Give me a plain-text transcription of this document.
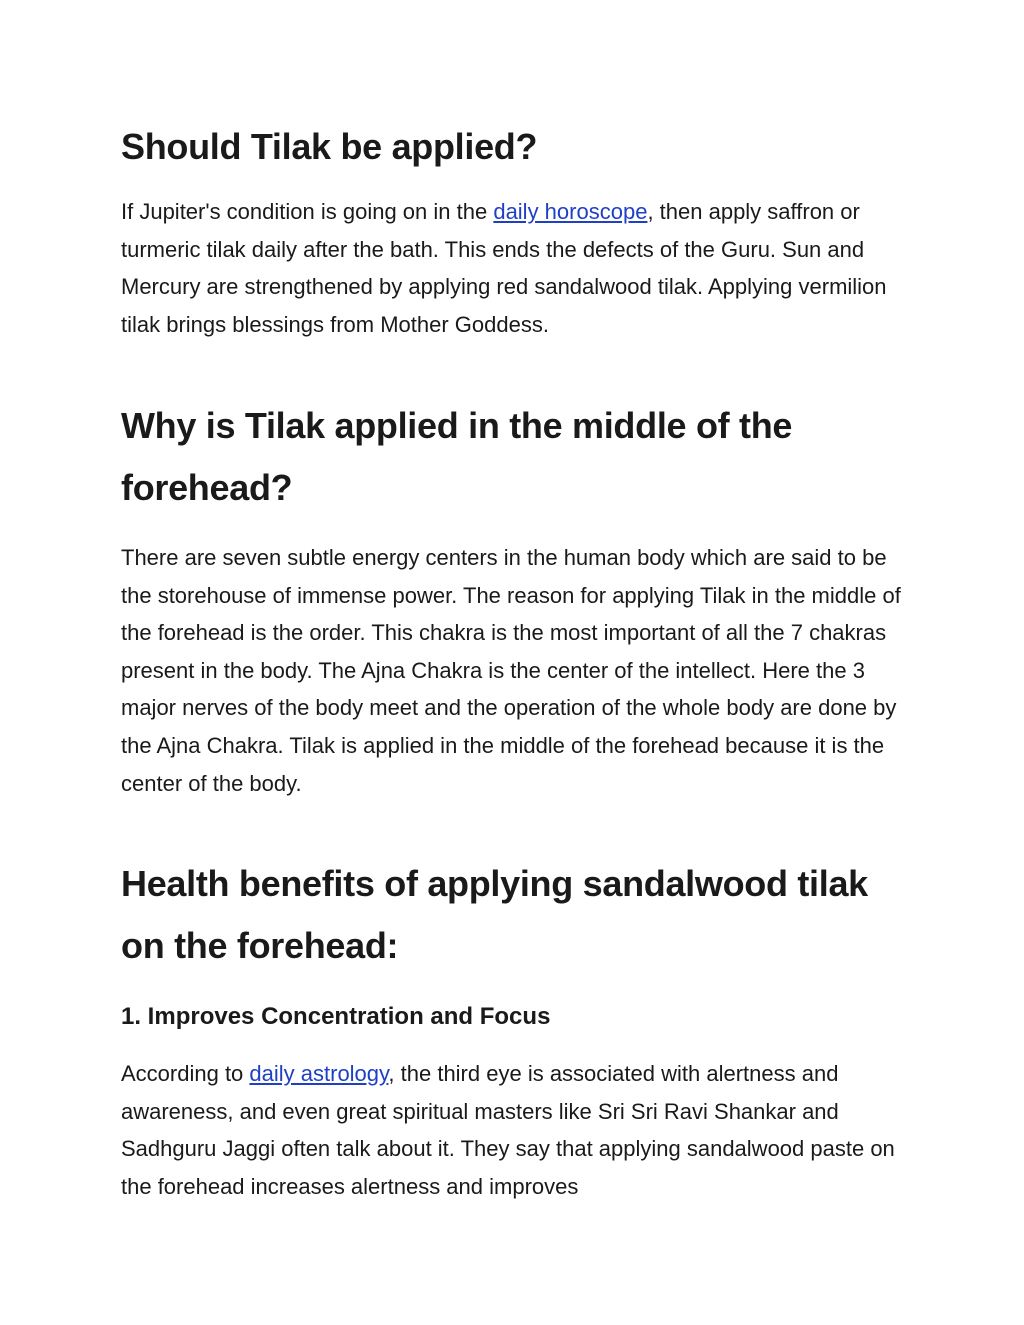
Should Tilak be applied?

If Jupiter's condition is going on in the daily horoscope, then apply saffron or turmeric tilak daily after the bath. This ends the defects of the Guru. Sun and Mercury are strengthened by applying red sandalwood tilak. Applying vermilion tilak brings blessings from Mother Goddess.

Why is Tilak applied in the middle of the forehead?

There are seven subtle energy centers in the human body which are said to be the storehouse of immense power. The reason for applying Tilak in the middle of the forehead is the order. This chakra is the most important of all the 7 chakras present in the body. The Ajna Chakra is the center of the intellect. Here the 3 major nerves of the body meet and the operation of the whole body are done by the Ajna Chakra. Tilak is applied in the middle of the forehead because it is the center of the body.

Health benefits of applying sandalwood tilak on the forehead:
1. Improves Concentration and Focus

According to daily astrology, the third eye is associated with alertness and awareness, and even great spiritual masters like Sri Sri Ravi Shankar and Sadhguru Jaggi often talk about it. They say that applying sandalwood paste on the forehead increases alertness and improves
